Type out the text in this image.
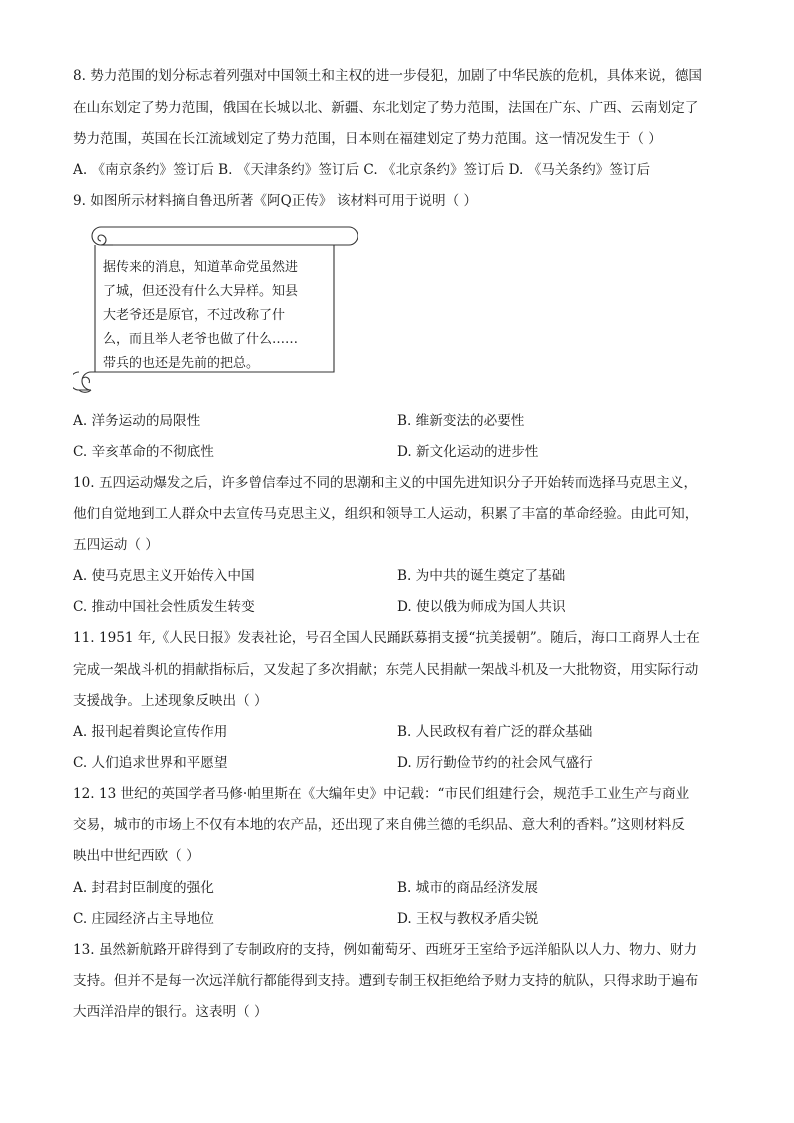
8. 势力范围的划分标志着列强对中国领土和主权的进一步侵犯，加剧了中华民族的危机，具体来说，德国
在山东划定了势力范围，俄国在长城以北、新疆、东北划定了势力范围，法国在广东、广西、云南划定了
势力范围，英国在长江流域划定了势力范围，日本则在福建划定了势力范围。这一情况发生于（ ）
A. 《南京条约》签订后 B. 《天津条约》签订后 C. 《北京条约》签订后 D. 《马关条约》签订后
9. 如图所示材料摘自鲁迅所著《阿Q正传》 该材料可用于说明（ ）
据传来的消息，知道革命党虽然进
了城，但还没有什么大异样。知县
大老爷还是原官，不过改称了什
么，而且举人老爷也做了什么……
带兵的也还是先前的把总。
A. 洋务运动的局限性	B. 维新变法的必要性
C. 辛亥革命的不彻底性	D. 新文化运动的进步性
10. 五四运动爆发之后，许多曾信奉过不同的思潮和主义的中国先进知识分子开始转而选择马克思主义，
他们自觉地到工人群众中去宣传马克思主义，组织和领导工人运动，积累了丰富的革命经验。由此可知，
五四运动（ ）
A. 使马克思主义开始传入中国	B. 为中共的诞生奠定了基础
C. 推动中国社会性质发生转变	D. 使以俄为师成为国人共识
11. 1951 年,《人民日报》发表社论，号召全国人民踊跃募捐支援“抗美援朝”。随后，海口工商界人士在
完成一架战斗机的捐献指标后，又发起了多次捐献；东莞人民捐献一架战斗机及一大批物资，用实际行动
支援战争。上述现象反映出（ ）
A. 报刊起着舆论宣传作用	B. 人民政权有着广泛的群众基础
C. 人们追求世界和平愿望	D. 厉行勤俭节约的社会风气盛行
12. 13 世纪的英国学者马修·帕里斯在《大编年史》中记载：“市民们组建行会，规范手工业生产与商业
交易，城市的市场上不仅有本地的农产品，还出现了来自佛兰德的毛织品、意大利的香料。”这则材料反
映出中世纪西欧（ ）
A. 封君封臣制度的强化	B. 城市的商品经济发展
C. 庄园经济占主导地位	D. 王权与教权矛盾尖锐
13. 虽然新航路开辟得到了专制政府的支持，例如葡萄牙、西班牙王室给予远洋船队以人力、物力、财力
支持。但并不是每一次远洋航行都能得到支持。遭到专制王权拒绝给予财力支持的航队，只得求助于遍布
大西洋沿岸的银行。这表明（ ）
